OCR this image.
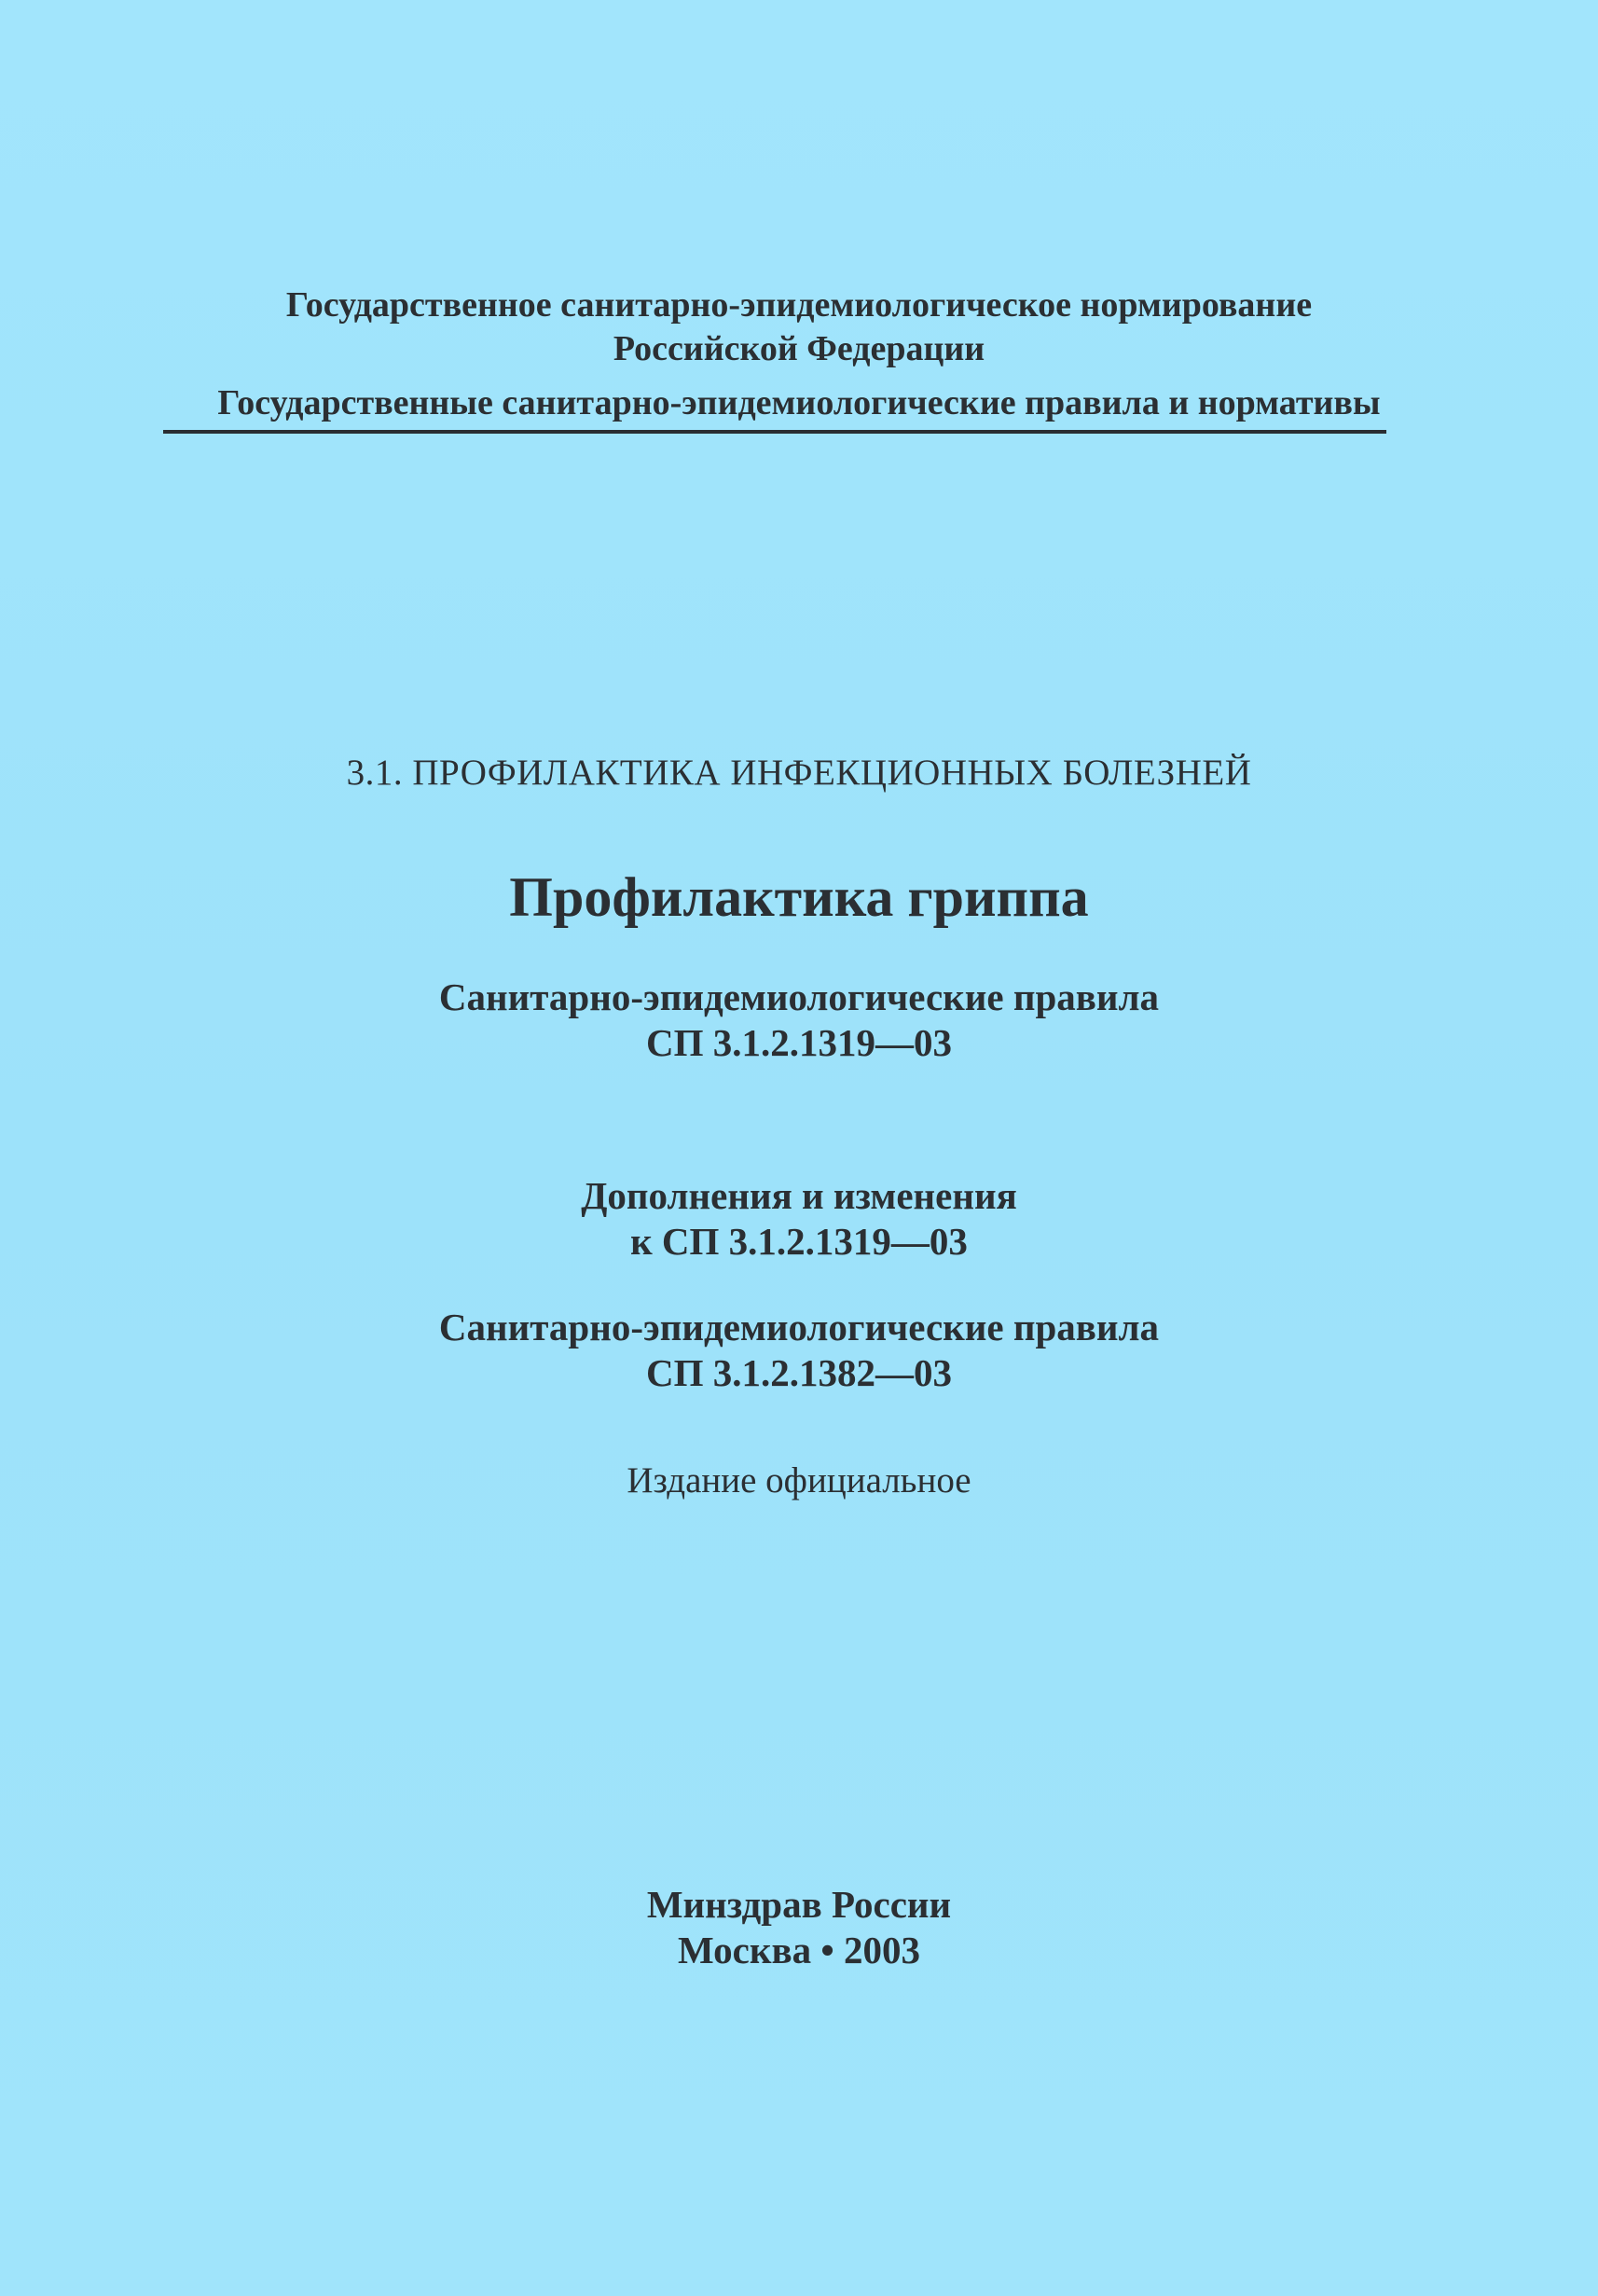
Государственное санитарно-эпидемиологическое нормирование
Российской Федерации
Государственные санитарно-эпидемиологические правила и нормативы
3.1. ПРОФИЛАКТИКА ИНФЕКЦИОННЫХ БОЛЕЗНЕЙ
Профилактика гриппа
Санитарно-эпидемиологические правила
СП 3.1.2.1319—03
Дополнения и изменения
к СП 3.1.2.1319—03
Санитарно-эпидемиологические правила
СП 3.1.2.1382—03
Издание официальное
Минздрав России
Москва • 2003
